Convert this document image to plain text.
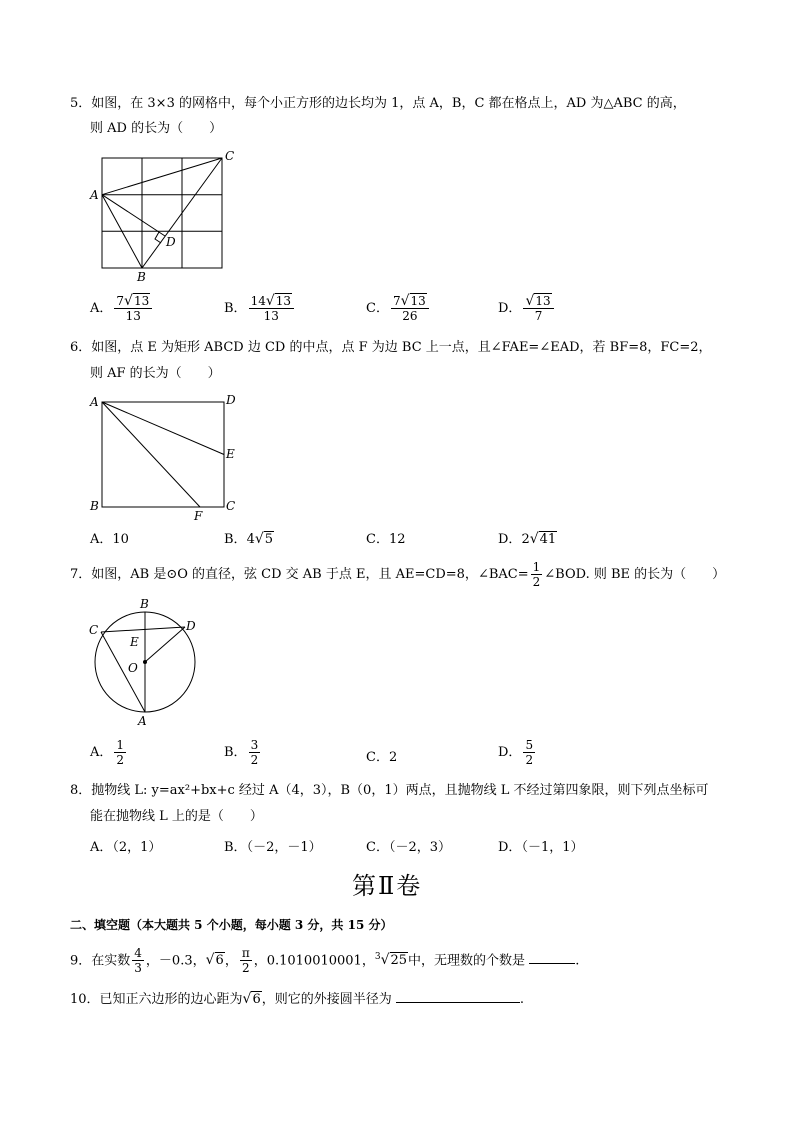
5．如图，在 3×3 的网格中，每个小正方形的边长均为 1，点 A，B，C 都在格点上，AD 为△ABC 的高，
则 AD 的长为（　　）
A
B
C
D
A． $\frac{7√13}{13}$	B． $\frac{14√13}{13}$	C． $\frac{7√13}{26}$	D． $\frac{√13}{7}$
6．如图，点 E 为矩形 ABCD 边 CD 的中点，点 F 为边 BC 上一点，且∠FAE=∠EAD，若 BF=8，FC=2，
则 AF 的长为（　　）
A	D
E
B	C
F
A．10	B．4√5	C．12	D．2√41
7．如图，AB 是⊙O 的直径，弦 CD 交 AB 于点 E，且 AE=CD=8，∠BAC= $\frac{1}{2}$ ∠BOD. 则 BE 的长为（　　）
B
C	D
E
O
A
A． $\frac{1}{2}$	B． $\frac{3}{2}$	C．2	D． $\frac{5}{2}$
8．抛物线 L: y=ax²+bx+c 经过 A（4，3），B（0，1）两点，且抛物线 L 不经过第四象限，则下列点坐标可
能在抛物线 L 上的是（　　）
A．（2，1）	B．（－2，－1）	C．（－2，3）	D．（－1，1）
第Ⅱ卷
二、填空题（本大题共 5 个小题，每小题 3 分，共 15 分）
9．在实数 $\frac{4}{3}$ ，－0.3，√6， $\frac{\pi}{2}$ ，0.1010010001，$^3$√25中，无理数的个数是	.
10．已知正六边形的边心距为√6，则它的外接圆半径为	.
